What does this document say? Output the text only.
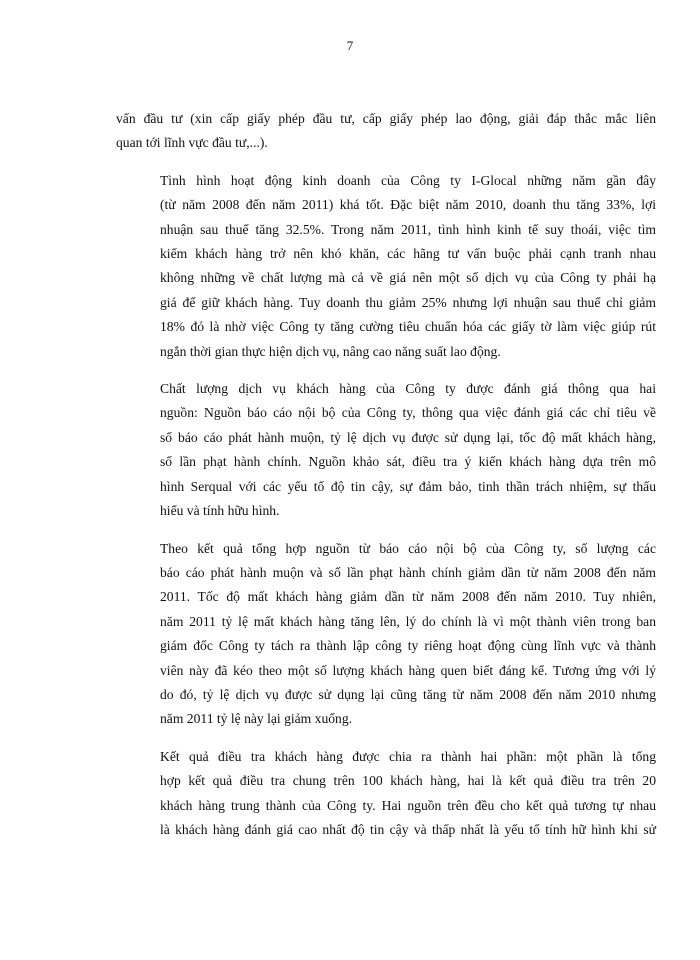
7
vấn đầu tư (xin cấp giấy phép đầu tư, cấp giấy phép lao động, giải đáp thắc mắc liên
quan tới lĩnh vực đầu tư,...).
Tình hình hoạt động kinh doanh của Công ty I-Glocal những năm gần đây
(từ năm 2008 đến năm 2011) khá tốt. Đặc biệt năm 2010, doanh thu tăng 33%, lợi
nhuận sau thuế tăng 32.5%. Trong năm 2011, tình hình kinh tế suy thoái, việc tìm
kiếm khách hàng trở nên khó khăn, các hãng tư vấn buộc phải cạnh tranh nhau
không những về chất lượng mà cả về giá nên một số dịch vụ của Công ty phải hạ
giá để giữ khách hàng. Tuy doanh thu giảm 25% nhưng lợi nhuận sau thuế chỉ giảm
18% đó là nhờ việc Công ty tăng cường tiêu chuẩn hóa các giấy tờ làm việc giúp rút
ngắn thời gian thực hiện dịch vụ, nâng cao năng suất lao động.
Chất lượng dịch vụ khách hàng của Công ty được đánh giá thông qua hai
nguồn: Nguồn báo cáo nội bộ của Công ty, thông qua việc đánh giá các chỉ tiêu về
số báo cáo phát hành muộn, tỷ lệ dịch vụ được sử dụng lại, tốc độ mất khách hàng,
số lần phạt hành chính. Nguồn khảo sát, điều tra ý kiến khách hàng dựa trên mô
hình Serqual với các yếu tố độ tin cậy, sự đảm bảo, tinh thần trách nhiệm, sự thấu
hiểu và tính hữu hình.
Theo kết quả tổng hợp nguồn từ báo cáo nội bộ của Công ty, số lượng các
báo cáo phát hành muộn và số lần phạt hành chính giảm dần từ năm 2008 đến năm
2011. Tốc độ mất khách hàng giảm dần từ năm 2008 đến năm 2010. Tuy nhiên,
năm 2011 tỷ lệ mất khách hàng tăng lên, lý do chính là vì một thành viên trong ban
giám đốc Công ty tách ra thành lập công ty riêng hoạt động cùng lĩnh vực và thành
viên này đã kéo theo một số lượng khách hàng quen biết đáng kể. Tương ứng với lý
do đó, tỷ lệ dịch vụ được sử dụng lại cũng tăng từ năm 2008 đến năm 2010 nhưng
năm 2011 tỷ lệ này lại giảm xuống.
Kết quả điều tra khách hàng được chia ra thành hai phần: một phần là tổng
hợp kết quả điều tra chung trên 100 khách hàng, hai là kết quả điều tra trên 20
khách hàng trung thành của Công ty. Hai nguồn trên đều cho kết quả tương tự nhau
là khách hàng đánh giá cao nhất độ tin cậy và thấp nhất là yếu tố tính hữ hình khi sử
